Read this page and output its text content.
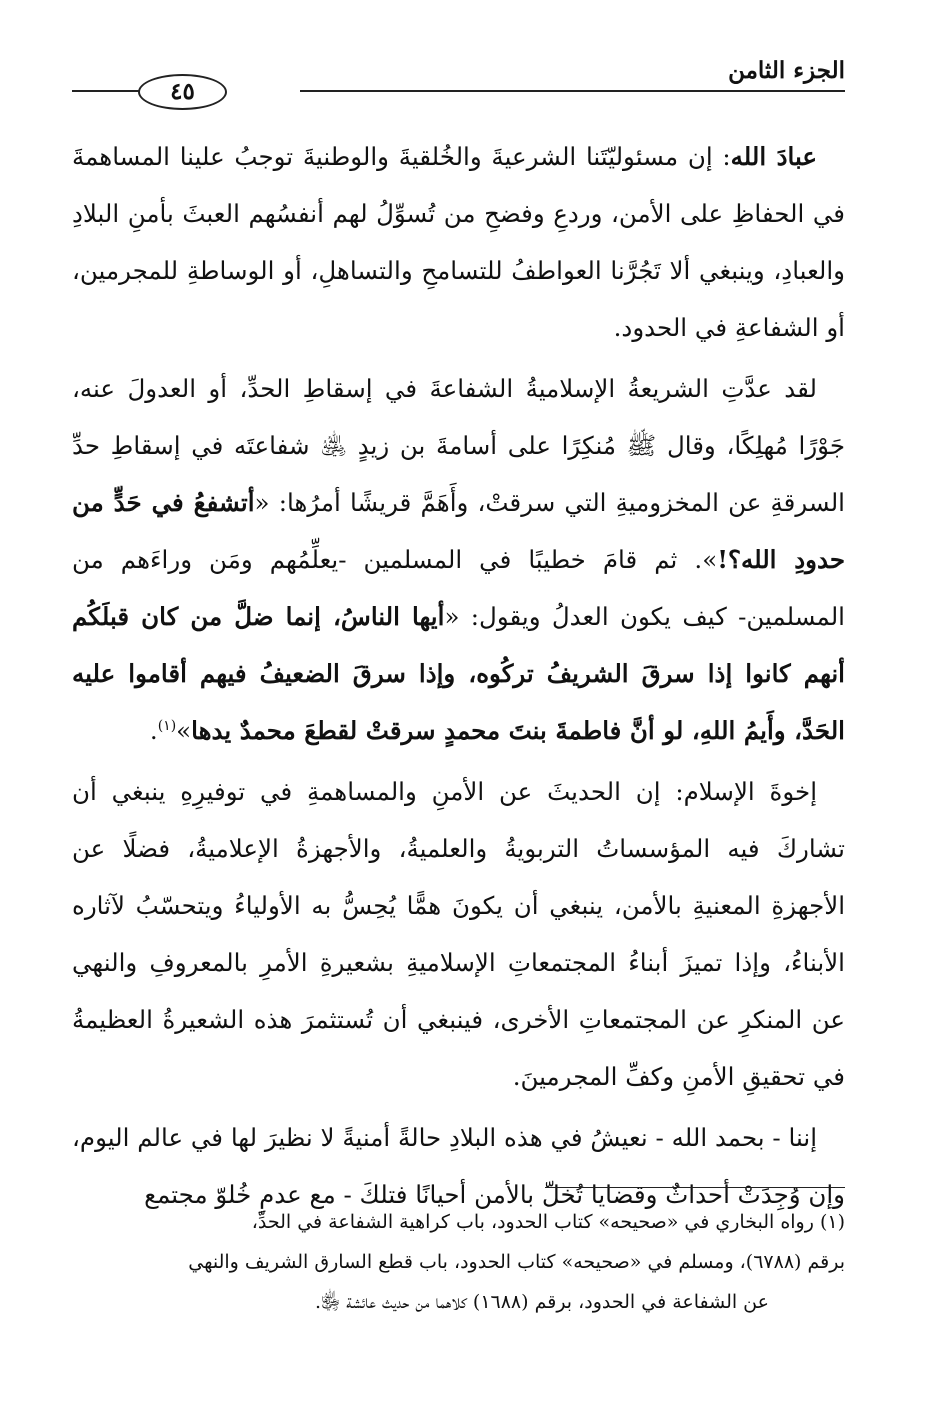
الجزء الثامن
٤٥

عبادَ الله: إن مسئوليّتَنا الشرعيةَ والخُلقيةَ والوطنيةَ توجبُ علينا المساهمةَ في الحفاظِ على الأمن، وردعِ وفضحِ من تُسوِّلُ لهم أنفسُهم العبثَ بأمنِ البلادِ والعبادِ، وينبغي ألا تَجُرَّنا العواطفُ للتسامحِ والتساهلِ، أو الوساطةِ للمجرمين، أو الشفاعةِ في الحدود.

لقد عدَّتِ الشريعةُ الإسلاميةُ الشفاعةَ في إسقاطِ الحدِّ، أو العدولَ عنه، جَوْرًا مُهلِكًا، وقال ﷺ مُنكِرًا على أسامةَ بن زيدٍ ﵁ شفاعتَه في إسقاطِ حدِّ السرقةِ عن المخزوميةِ التي سرقتْ، وأَهَمَّ قريشًا أمرُها: «أتشفعُ في حَدٍّ من حدودِ الله؟!». ثم قامَ خطيبًا في المسلمين -يعلِّمُهم ومَن وراءَهم من المسلمين- كيف يكون العدلُ ويقول: «أيها الناسُ، إنما ضلَّ من كان قبلَكُم أنهم كانوا إذا سرقَ الشريفُ تركُوه، وإذا سرقَ الضعيفُ فيهم أقاموا عليه الحَدَّ، وأَيمُ اللهِ، لو أنَّ فاطمةَ بنتَ محمدٍ سرقتْ لقطعَ محمدٌ يدها»$^{(١)}$.

إخوةَ الإسلام: إن الحديثَ عن الأمنِ والمساهمةِ في توفيرِهِ ينبغي أن تشاركَ فيه المؤسساتُ التربويةُ والعلميةُ، والأجهزةُ الإعلاميةُ، فضلًا عن الأجهزةِ المعنيةِ بالأمن، ينبغي أن يكونَ همًّا يُحِسُّ به الأولياءُ ويتحسّبُ لآثاره الأبناءُ، وإذا تميزَ أبناءُ المجتمعاتِ الإسلاميةِ بشعيرةِ الأمرِ بالمعروفِ والنهي عن المنكرِ عن المجتمعاتِ الأخرى، فينبغي أن تُستثمرَ هذه الشعيرةُ العظيمةُ في تحقيقِ الأمنِ وكفِّ المجرمينَ.

إننا - بحمد الله - نعيشُ في هذه البلادِ حالةً أمنيةً لا نظيرَ لها في عالم اليوم، وإن وُجِدَتْ أحداثٌ وقضايا تُخلّ بالأمن أحيانًا فتلكَ - مع عدمِ خُلوّ مجتمع

(١) رواه البخاري في «صحيحه» كتاب الحدود، باب كراهية الشفاعة في الحدِّ،

برقم (٦٧٨٨)، ومسلم في «صحيحه» كتاب الحدود، باب قطع السارق الشريف والنهي

عن الشفاعة في الحدود، برقم (١٦٨٨) كلاهما من حديث عائشة ﵂.
